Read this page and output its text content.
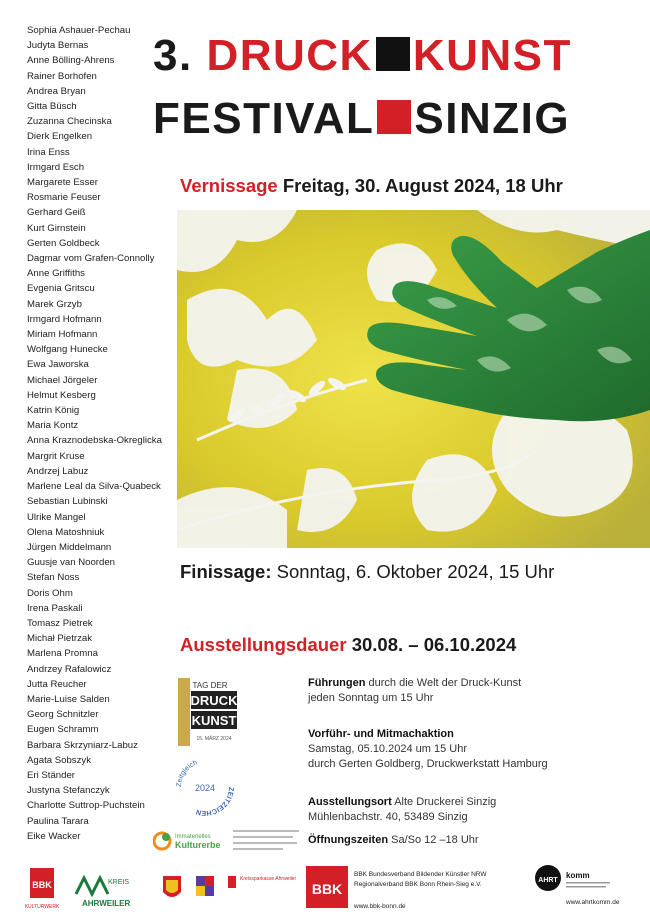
Sophia Ashauer-Pechau
Judyta Bernas
Anne Bölling-Ahrens
Rainer Borhofen
Andrea Bryan
Gitta Büsch
Zuzanna Checinska
Dierk Engelken
Irina Enss
Irmgard Esch
Margarete Esser
Rosmarie Feuser
Gerhard Geiß
Kurt Girnstein
Gerten Goldbeck
Dagmar vom Grafen-Connolly
Anne Griffiths
Evgenia Gritscu
Marek Grzyb
Irmgard Hofmann
Miriam Hofmann
Wolfgang Hunecke
Ewa Jaworska
Michael Jörgeler
Helmut Kesberg
Katrin König
Maria Kontz
Anna Kraznodebska-Okreglicka
Margrit Kruse
Andrzej Labuz
Marlene Leal da Silva-Quabeck
Sebastian Lubinski
Ulrike Mangel
Olena Matoshniuk
Jürgen Middelmann
Guusje van Noorden
Stefan Noss
Doris Ohm
Irena Paskali
Tomasz Pietrek
Michał Pietrzak
Marlena Promna
Andrzey Rafalowicz
Jutta Reucher
Marie-Luise Salden
Georg Schnitzler
Eugen Schramm
Barbara Skrzyniarz-Labuz
Agata Sobszyk
Eri Ständer
Justyna Stefanczyk
Charlotte Suttrop-Puchstein
Paulina Tarara
Eike Wacker
3. DRUCK KUNST
FESTIVAL SINZIG
Vernissage Freitag, 30. August 2024, 18 Uhr
Finissage: Sonntag, 6. Oktober 2024, 15 Uhr
Ausstellungsdauer 30.08. – 06.10.2024
Führungen durch die Welt der Druck-Kunst
jeden Sonntag um 15 Uhr
Vorführ- und Mitmachaktion
Samstag, 05.10.2024 um 15 Uhr
durch Gerten Goldberg, Druckwerkstatt Hamburg
Ausstellungsort Alte Druckerei Sinzig
Mühlenbachstr. 40, 53489 Sinzig
Öffnungszeiten Sa/So 12 –18 Uhr
TAG DER
DRUCK
KUNST
15. MÄRZ 2024
Zeitgleich
ZEITZEICHEN
2024
Immaterielles
Kulturerbe
BBK
KULTURWERK
KREIS
AHRWEILER
Kreissparkasse Ahrweiler
BBK
BBK Bundesverband Bildender Künstler NRW
Regionalverband BBK Bonn Rhein-Sieg e.V.
www.bbk-bonn.de
AHRT
komm
www.ahrtkomm.de
